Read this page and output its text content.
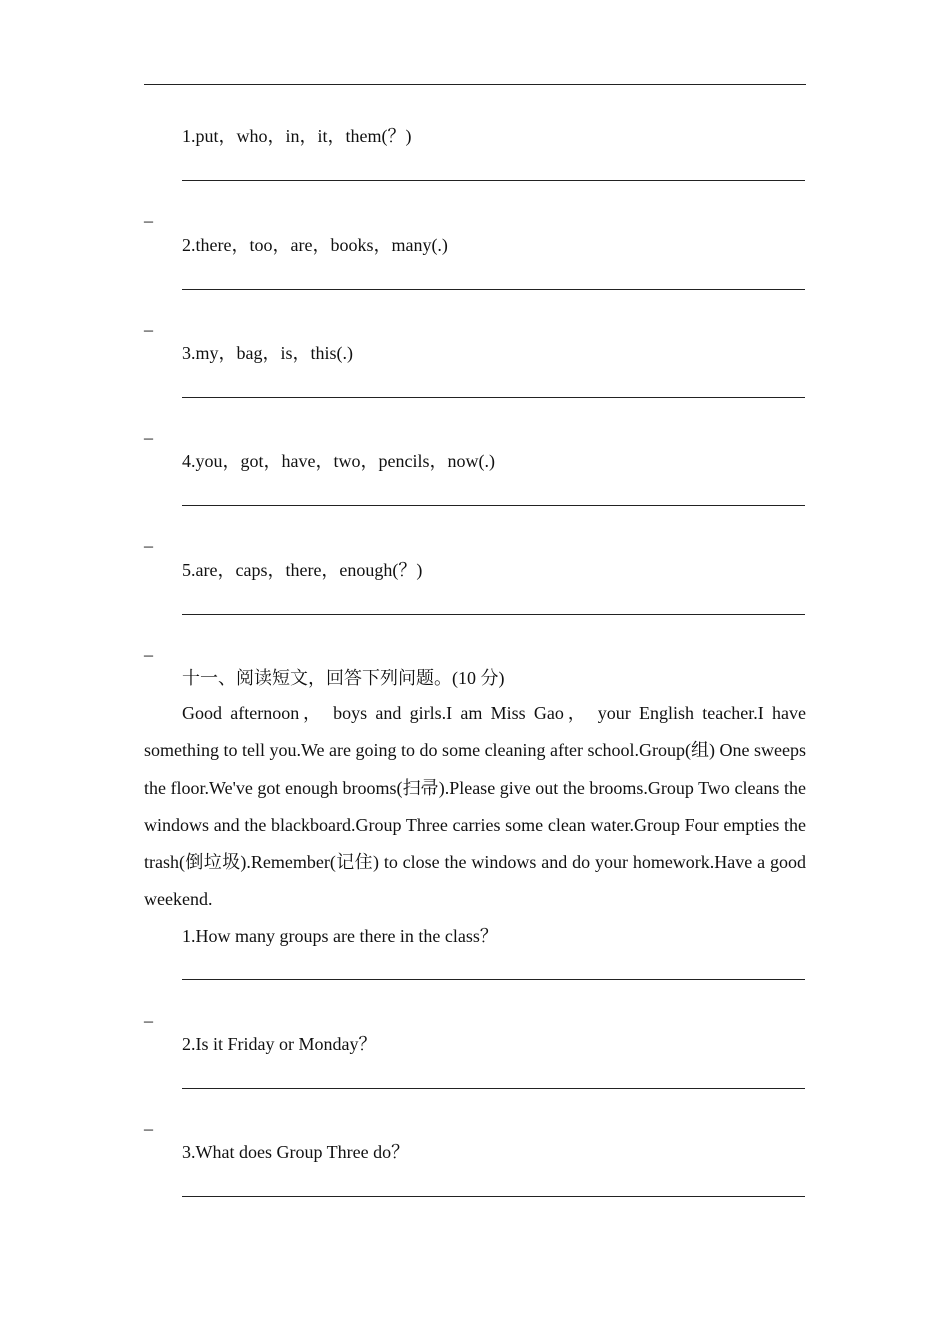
1.put，who，in，it，them(？)
_
2.there，too，are，books，many(.)
_
3.my，bag，is，this(.)
_
4.you，got，have，two，pencils，now(.)
_
5.are，caps，there，enough(？)
_
十一、阅读短文，回答下列问题。(10 分)
Good afternoon， boys and girls.I am Miss Gao， your English teacher.I have something to tell you.We are going to do some cleaning after school.Group(组) One sweeps the floor.We've got enough brooms(扫帚).Please give out the brooms.Group Two cleans the windows and the blackboard.Group Three carries some clean water.Group Four empties the trash(倒垃圾).Remember(记住) to close the windows and do your homework.Have a good weekend.
1.How many groups are there in the class？
_
2.Is it Friday or Monday？
_
3.What does Group Three do？
